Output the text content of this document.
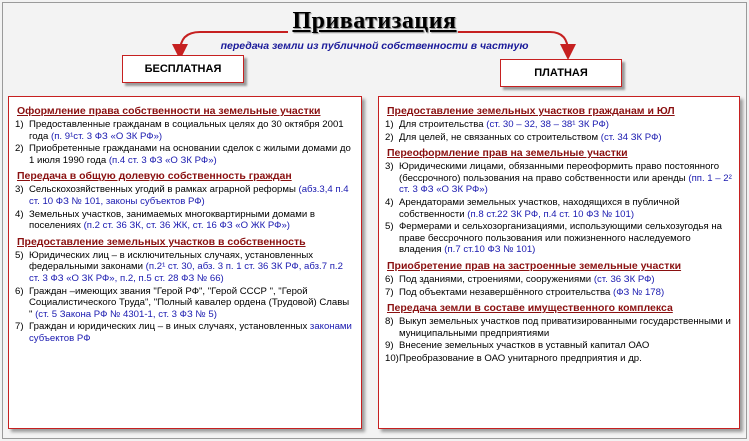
Приватизация
передача земли из публичной собственности в частную
БЕСПЛАТНАЯ	ПЛАТНАЯ
Оформление права собственности на земельные участки
1) Предоставленные гражданам в социальных целях до 30 октября 2001 года (п. 9¹ст. 3 ФЗ «О ЗК РФ»)
2) Приобретенные гражданами на основании сделок с жилыми домами до 1 июля 1990 года (п.4 ст. 3 ФЗ «О ЗК РФ»)
Передача в общую долевую собственность граждан
3) Сельскохозяйственных угодий в рамках аграрной реформы (абз.3,4 п.4 ст. 10 ФЗ № 101, законы субъектов РФ)
4) Земельных участков, занимаемых многоквартирными домами в поселениях (п.2 ст. 36 ЗК, ст. 36 ЖК, ст. 16 ФЗ «О ЖК РФ»)
Предоставление земельных участков в собственность
5) Юридических лиц – в исключительных случаях, установленных федеральными законами (п.2¹ ст. 30, абз. 3 п. 1 ст. 36 ЗК РФ, абз.7 п.2 ст. 3 ФЗ «О ЗК РФ», п.2, п.5 ст. 28 ФЗ № 66)
6) Граждан –имеющих звания "Герой РФ", "Герой СССР ", "Герой Социалистического Труда", "Полный кавалер ордена (Трудовой) Славы " (ст. 5 Закона РФ № 4301-1, ст. 3 ФЗ № 5)
7) Граждан и юридических лиц – в иных случаях, установленных законами субъектов РФ
Предоставление земельных участков гражданам и ЮЛ
1) Для строительства (ст. 30 – 32, 38 – 38¹ ЗК РФ)
2) Для целей, не связанных со строительством (ст. 34 ЗК РФ)
Переоформление прав на земельные участки
3) Юридическими лицами, обязанными переоформить право постоянного (бессрочного) пользования на право собственности или аренды (пп. 1 – 2² ст. 3 ФЗ «О ЗК РФ»)
4) Арендаторами земельных участков, находящихся в публичной собственности (п.8 ст.22 ЗК РФ, п.4 ст. 10 ФЗ № 101)
5) Фермерами и сельхозорганизациями, использующими сельхозугодья на праве бессрочного пользования или пожизненного наследуемого владения (п.7 ст.10 ФЗ № 101)
Приобретение прав на застроенные земельные участки
6) Под зданиями, строениями, сооружениями (ст. 36 ЗК РФ)
7) Под объектами незавершённого строительства (ФЗ № 178)
Передача земли в составе имущественного комплекса
8) Выкуп земельных участков под приватизированными государственными и муниципальными предприятиями
9) Внесение земельных участков в уставный капитал ОАО
10) Преобразование в ОАО унитарного предприятия и др.
